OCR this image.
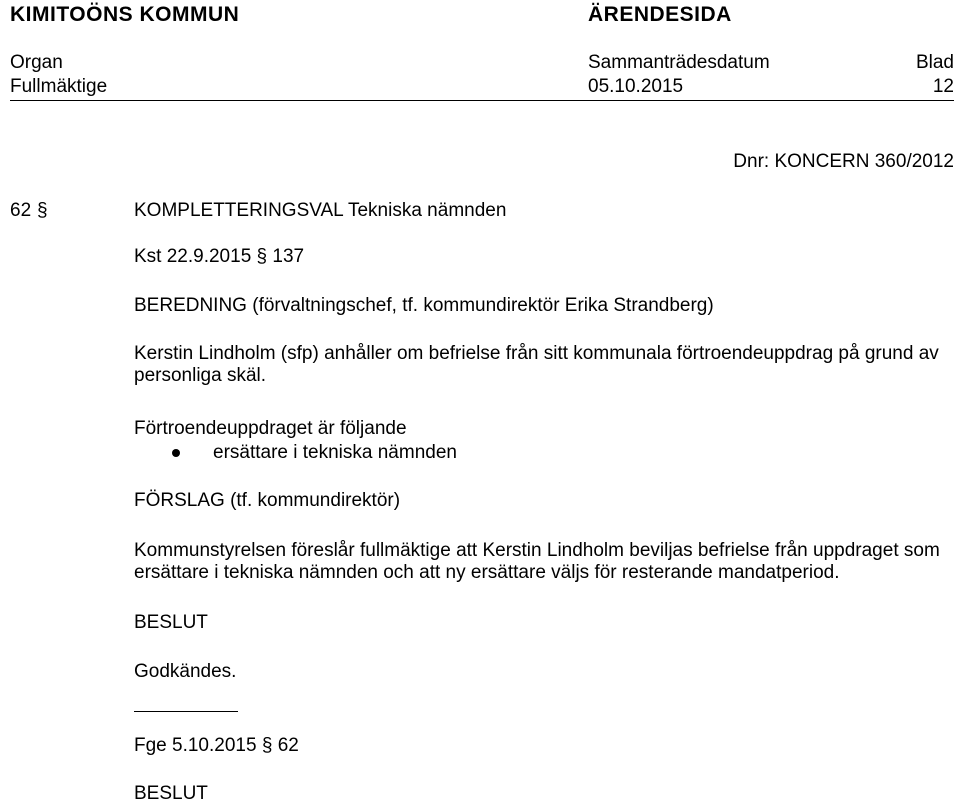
KIMITOÖNS KOMMUN	ÄRENDESIDA
Organ	Sammanträdesdatum	Blad
Fullmäktige	05.10.2015	12
Dnr: KONCERN 360/2012
62 §	KOMPLETTERINGSVAL Tekniska nämnden
Kst 22.9.2015 § 137
BEREDNING (förvaltningschef, tf. kommundirektör Erika Strandberg)
Kerstin Lindholm (sfp) anhåller om befrielse från sitt kommunala förtroendeuppdrag på grund av personliga skäl.
Förtroendeuppdraget är följande
ersättare i tekniska nämnden
FÖRSLAG (tf. kommundirektör)
Kommunstyrelsen föreslår fullmäktige att Kerstin Lindholm beviljas befrielse från uppdraget som ersättare i tekniska nämnden och att ny ersättare väljs för resterande mandatperiod.
BESLUT
Godkändes.
Fge 5.10.2015 § 62
BESLUT
